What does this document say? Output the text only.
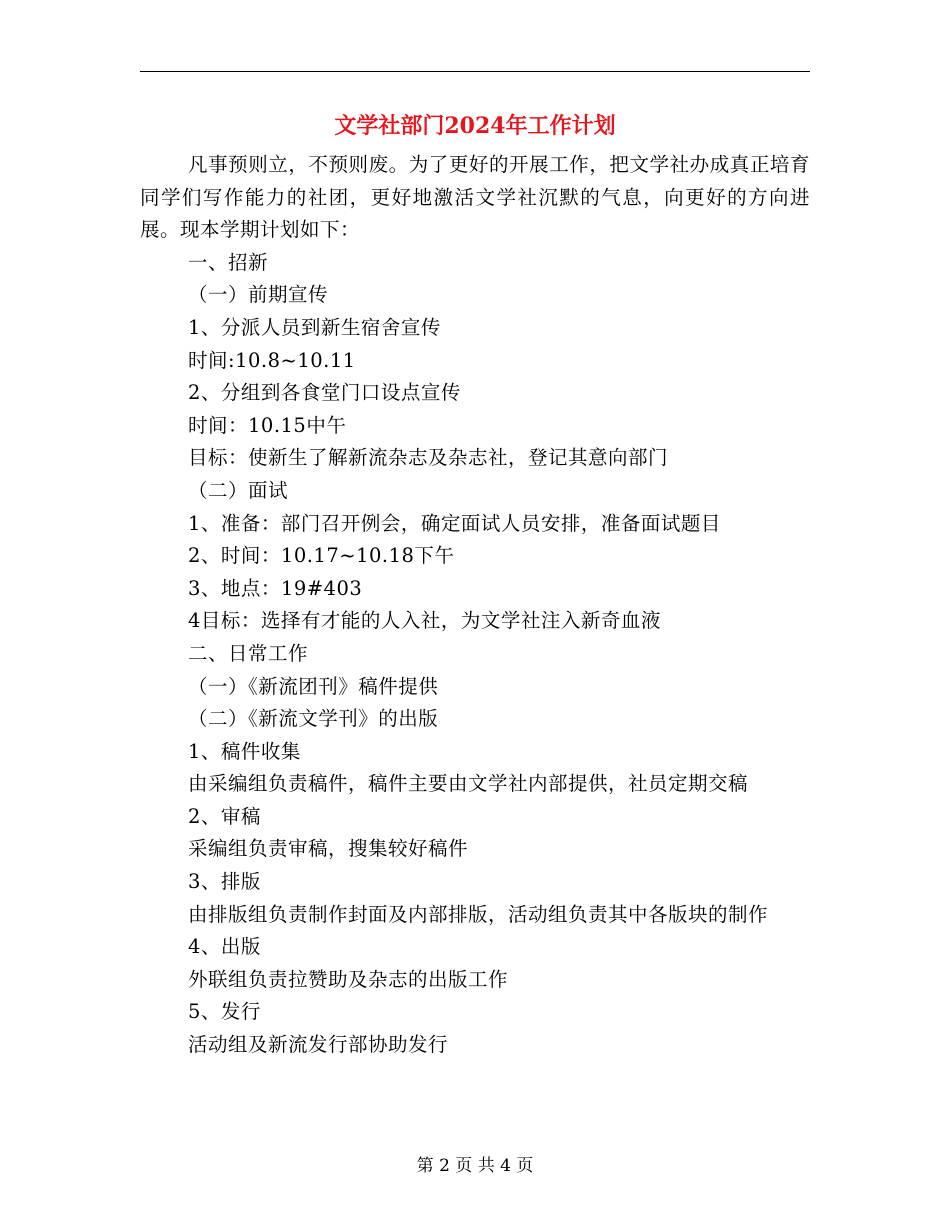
文学社部门2024年工作计划

凡事预则立，不预则废。为了更好的开展工作，把文学社办成真正培育同学们写作能力的社团，更好地激活文学社沉默的气息，向更好的方向进展。现本学期计划如下：

一、招新

（一）前期宣传

1、分派人员到新生宿舍宣传

时间:10.8~10.11

2、分组到各食堂门口设点宣传

时间：10.15中午

目标：使新生了解新流杂志及杂志社，登记其意向部门

（二）面试

1、准备：部门召开例会，确定面试人员安排，准备面试题目

2、时间：10.17~10.18下午

3、地点：19#403

4目标：选择有才能的人入社，为文学社注入新奇血液

二、日常工作

（一）《新流团刊》稿件提供

（二）《新流文学刊》的出版

1、稿件收集

由采编组负责稿件，稿件主要由文学社内部提供，社员定期交稿

2、审稿

采编组负责审稿，搜集较好稿件

3、排版

由排版组负责制作封面及内部排版，活动组负责其中各版块的制作

4、出版

外联组负责拉赞助及杂志的出版工作

5、发行

活动组及新流发行部协助发行

第 2 页 共 4 页
